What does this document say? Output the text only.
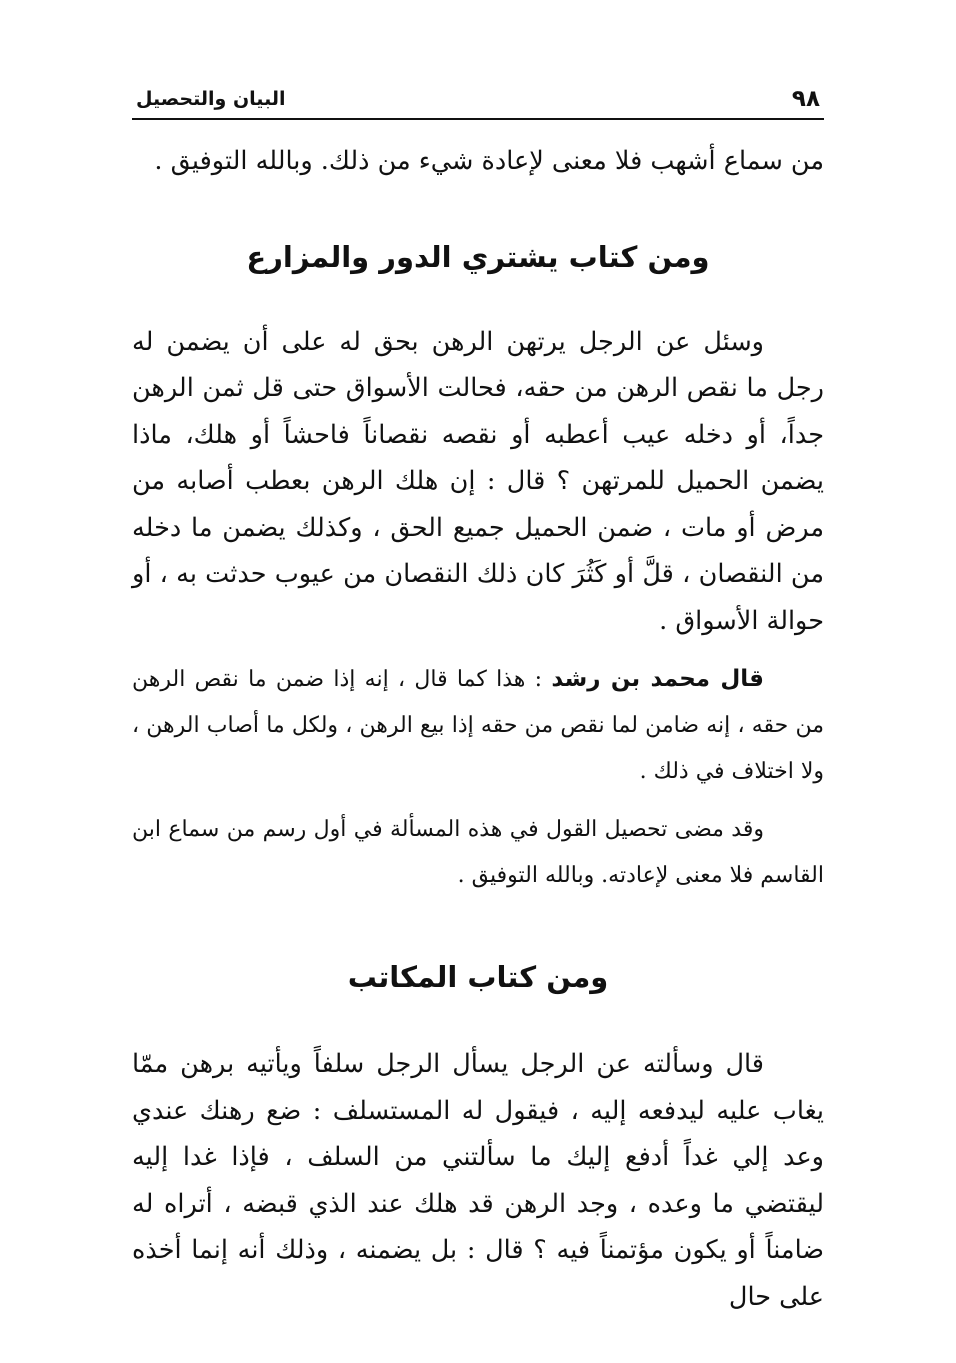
٩٨
البيان والتحصيل

من سماع أشهب فلا معنى لإعادة شيء من ذلك. وبالله التوفيق .

ومن كتاب يشتري الدور والمزارع

وسئل عن الرجل يرتهن الرهن بحق له على أن يضمن له رجل ما نقص الرهن من حقه، فحالت الأسواق حتى قل ثمن الرهن جداً، أو دخله عيب أعطبه أو نقصه نقصاناً فاحشاً أو هلك، ماذا يضمن الحميل للمرتهن ؟ قال : إن هلك الرهن بعطب أصابه من مرض أو مات ، ضمن الحميل جميع الحق ، وكذلك يضمن ما دخله من النقصان ، قلَّ أو كَثُرَ كان ذلك النقصان من عيوب حدثت به ، أو حوالة الأسواق .

قال محمد بن رشد : هذا كما قال ، إنه إذا ضمن ما نقص الرهن من حقه ، إنه ضامن لما نقص من حقه إذا بيع الرهن ، ولكل ما أصاب الرهن ، ولا اختلاف في ذلك .

وقد مضى تحصيل القول في هذه المسألة في أول رسم من سماع ابن القاسم فلا معنى لإعادته. وبالله التوفيق .

ومن كتاب المكاتب

قال وسألته عن الرجل يسأل الرجل سلفاً ويأتيه برهن ممّا يغاب عليه ليدفعه إليه ، فيقول له المستسلف : ضع رهنك عندي وعد إلي غداً أدفع إليك ما سألتني من السلف ، فإذا غدا إليه ليقتضي ما وعده ، وجد الرهن قد هلك عند الذي قبضه ، أتراه له ضامناً أو يكون مؤتمناً فيه ؟ قال : بل يضمنه ، وذلك أنه إنما أخذه على حال
